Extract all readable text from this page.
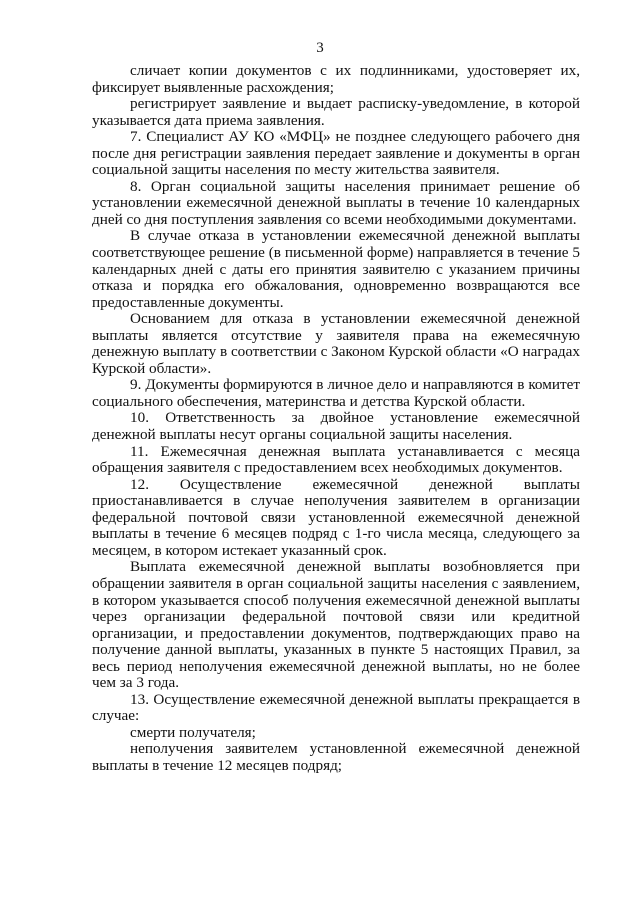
3

сличает копии документов с их подлинниками, удостоверяет их, фиксирует выявленные расхождения;

регистрирует заявление и выдает расписку-уведомление, в которой указывается дата приема заявления.

7. Специалист АУ КО «МФЦ» не позднее следующего рабочего дня после дня регистрации заявления передает заявление и документы в орган социальной защиты населения по месту жительства заявителя.

8. Орган социальной защиты населения принимает решение об установлении ежемесячной денежной выплаты в течение 10 календарных дней со дня поступления заявления со всеми необходимыми документами.

В случае отказа в установлении ежемесячной денежной выплаты соответствующее решение (в письменной форме) направляется в течение 5 календарных дней с даты его принятия заявителю с указанием причины отказа и порядка его обжалования, одновременно возвращаются все предоставленные документы.

Основанием для отказа в установлении ежемесячной денежной выплаты является отсутствие у заявителя права на ежемесячную денежную выплату в соответствии с Законом Курской области «О наградах Курской области».

9. Документы формируются в личное дело и направляются в комитет социального обеспечения, материнства и детства Курской области.

10. Ответственность за двойное установление ежемесячной денежной выплаты несут органы социальной защиты населения.

11. Ежемесячная денежная выплата устанавливается с месяца обращения заявителя с предоставлением всех необходимых документов.

12. Осуществление ежемесячной денежной выплаты приостанавливается в случае неполучения заявителем в организации федеральной почтовой связи установленной ежемесячной денежной выплаты в течение 6 месяцев подряд с 1-го числа месяца, следующего за месяцем, в котором истекает указанный срок.

Выплата ежемесячной денежной выплаты возобновляется при обращении заявителя в орган социальной защиты населения с заявлением, в котором указывается способ получения ежемесячной денежной выплаты через организации федеральной почтовой связи или кредитной организации, и предоставлении документов, подтверждающих право на получение данной выплаты, указанных в пункте 5 настоящих Правил, за весь период неполучения ежемесячной денежной выплаты, но не более чем за 3 года.

13. Осуществление ежемесячной денежной выплаты прекращается в случае:

смерти получателя;

неполучения заявителем установленной ежемесячной денежной выплаты в течение 12 месяцев подряд;
